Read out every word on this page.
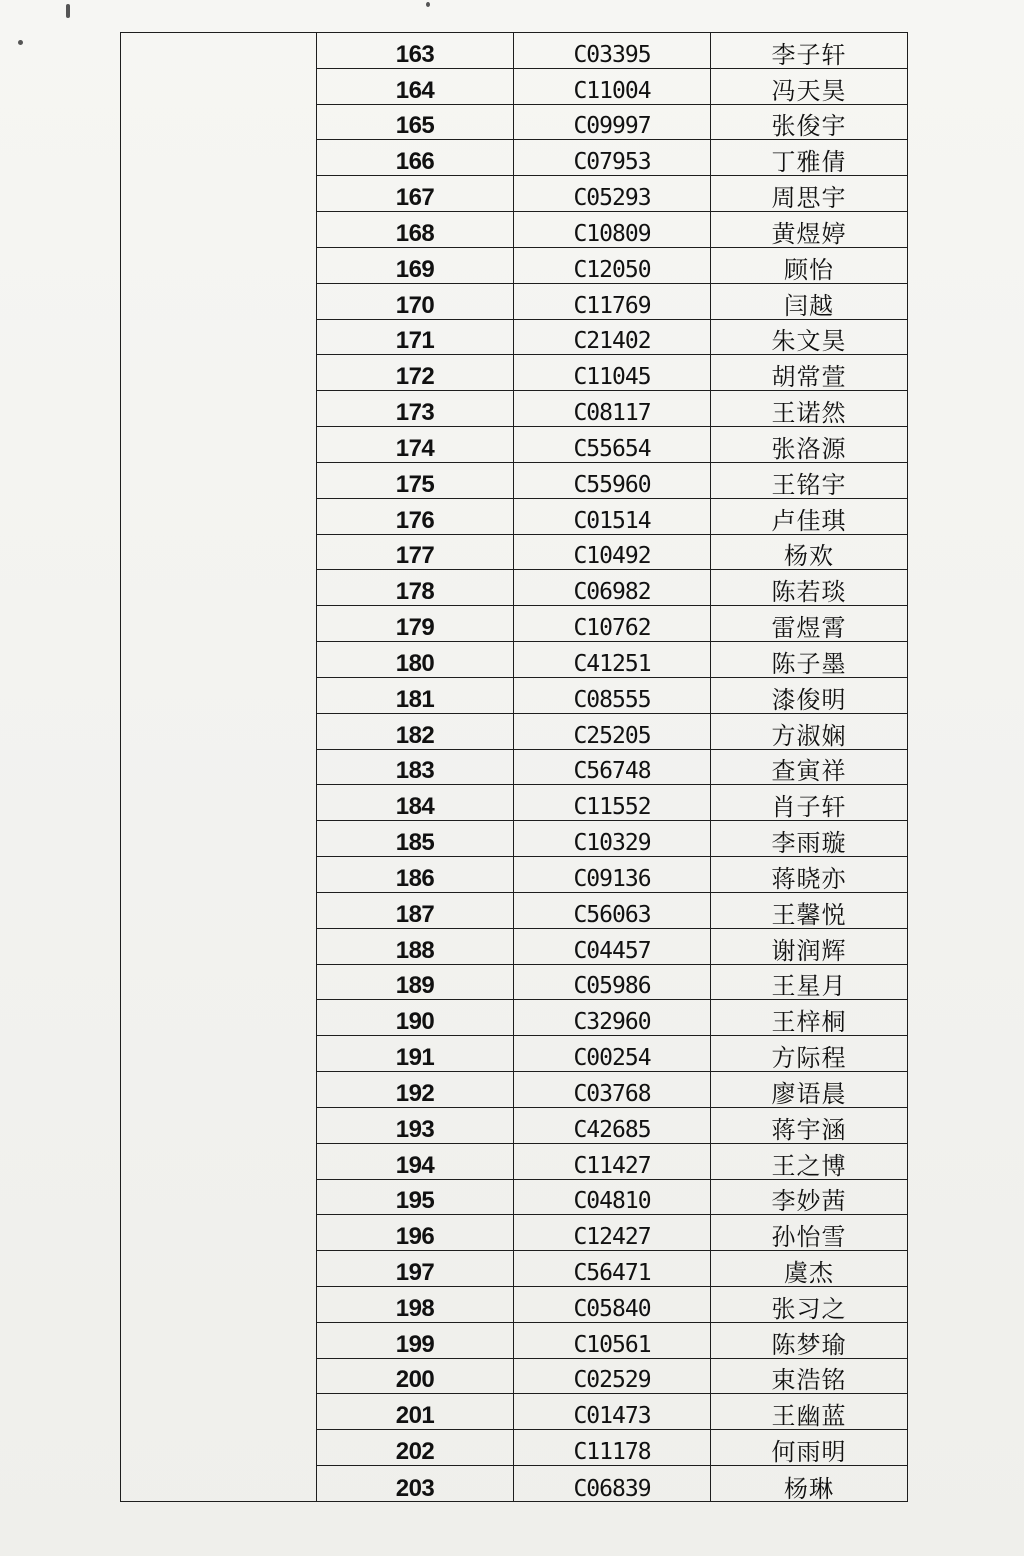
163	C03395	李子轩
164	C11004	冯天昊
165	C09997	张俊宇
166	C07953	丁雅倩
167	C05293	周思宇
168	C10809	黄煜婷
169	C12050	顾怡
170	C11769	闫越
171	C21402	朱文昊
172	C11045	胡常萱
173	C08117	王诺然
174	C55654	张洛源
175	C55960	王铭宇
176	C01514	卢佳琪
177	C10492	杨欢
178	C06982	陈若琰
179	C10762	雷煜霄
180	C41251	陈子墨
181	C08555	漆俊明
182	C25205	方淑娴
183	C56748	查寅祥
184	C11552	肖子轩
185	C10329	李雨璇
186	C09136	蒋晓亦
187	C56063	王馨悦
188	C04457	谢润辉
189	C05986	王星月
190	C32960	王梓桐
191	C00254	方际程
192	C03768	廖语晨
193	C42685	蒋宇涵
194	C11427	王之博
195	C04810	李妙茜
196	C12427	孙怡雪
197	C56471	虞杰
198	C05840	张习之
199	C10561	陈梦瑜
200	C02529	束浩铭
201	C01473	王幽蓝
202	C11178	何雨明
203	C06839	杨琳
